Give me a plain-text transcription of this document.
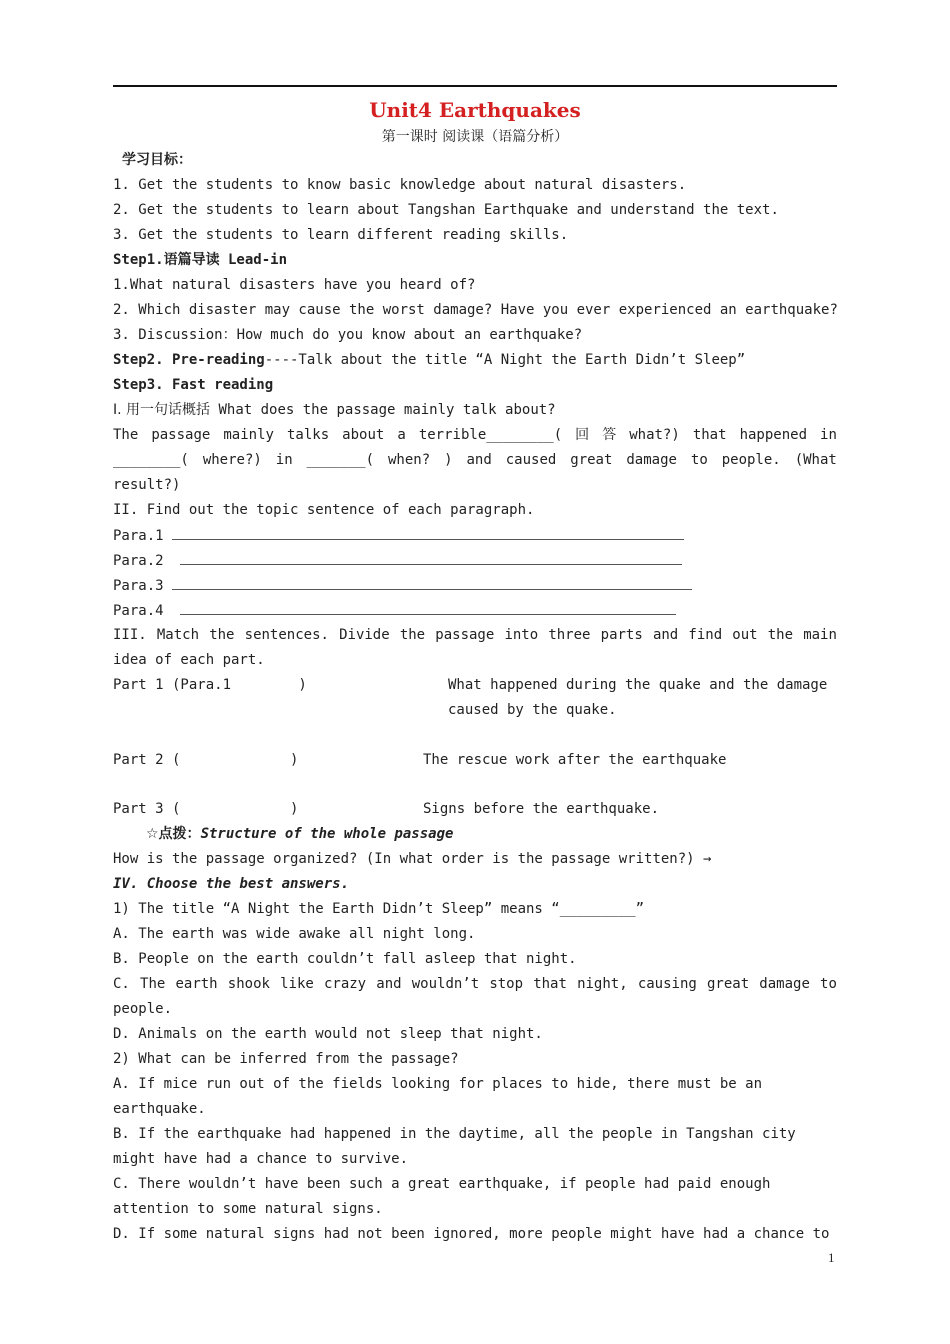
Unit4 Earthquakes
第一课时 阅读课（语篇分析）
学习目标：
1. Get the students to know basic knowledge about natural disasters.
2. Get the students to learn about Tangshan Earthquake and understand the text.
3. Get the students to learn different reading skills.
Step1.语篇导读 Lead-in
1.What natural disasters have you heard of?
2. Which disaster may cause the worst damage? Have you ever experienced an earthquake?
3. Discussion：How much do you know about an earthquake?
Step2. Pre-reading----Talk about the title “A Night the Earth Didn’t Sleep”
Step3. Fast reading
I. 用一句话概括 What does the passage mainly talk about?
The passage mainly talks about a terrible________( 回 答 what?) that happened in
________( where?) in _______( when? ) and caused great damage to people. (What
result?)
II. Find out the topic sentence of each paragraph.
Para.1
Para.2
Para.3
Para.4
III. Match the sentences. Divide the passage into three parts and find out the main
idea of each part.
Part 1 (Para.1        )	What happened during the quake and the damage
caused by the quake.
Part 2 (             )	The rescue work after the earthquake
Part 3 (             )	Signs before the earthquake.
☆点拨：Structure of the whole passage
How is the passage organized? (In what order is the passage written?) →
IV. Choose the best answers.
1) The title “A Night the Earth Didn’t Sleep” means “_________”
A. The earth was wide awake all night long.
B. People on the earth couldn’t fall asleep that night.
C. The earth shook like crazy and wouldn’t stop that night, causing great damage to
people.
D. Animals on the earth would not sleep that night.
2) What can be inferred from the passage?
A. If mice run out of the fields looking for places to hide, there must be an
earthquake.
B. If the earthquake had happened in the daytime, all the people in Tangshan city
might have had a chance to survive.
C. There wouldn’t have been such a great earthquake, if people had paid enough
attention to some natural signs.
D. If some natural signs had not been ignored, more people might have had a chance to
1
